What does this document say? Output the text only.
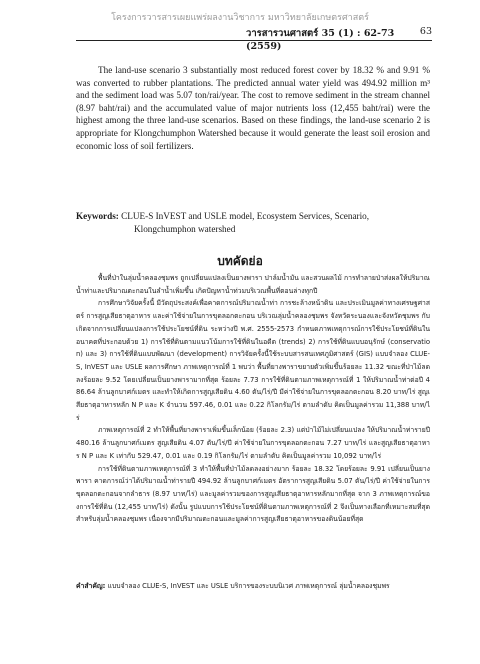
โครงการวารสารเผยแพร่ผลงานวิชาการ มหาวิทยาลัยเกษตรศาสตร์
วารสารวนศาสตร์ 35 (1) : 62-73 (2559)
63
The land-use scenario 3 substantially most reduced forest cover by 18.32 % and 9.91 % was converted to rubber plantations. The predicted annual water yield was 494.92 million m³ and the sediment load was 5.07 ton/rai/year. The cost to remove sediment in the stream channel (8.97 baht/rai) and the accumulated value of major nutrients loss (12,455 baht/rai) were the highest among the three land-use scenarios. Based on these findings, the land-use scenario 2 is appropriate for Klongchumphon Watershed because it would generate the least soil erosion and economic loss of soil fertilizers.
Keywords: CLUE-S InVEST and USLE model, Ecosystem Services, Scenario,
Klongchumphon watershed
บทคัดย่อ

พื้นที่ป่าในลุ่มน้ำคลองชุมพร ถูกเปลี่ยนแปลงเป็นยางพารา ปาล์มน้ำมัน และสวนผลไม้ การทำลายป่าส่งผลให้ปริมาณน้ำท่าและปริมาณตะกอนในลำน้ำเพิ่มขึ้น เกิดปัญหาน้ำท่วมบริเวณพื้นที่ตอนล่างทุกปี

การศึกษาวิจัยครั้งนี้ มีวัตถุประสงค์เพื่อคาดการณ์ปริมาณน้ำท่า การชะล้างหน้าดิน และประเมินมูลค่าทางเศรษฐศาสตร์ การสูญเสียธาตุอาหาร และค่าใช้จ่ายในการขุดลอกตะกอน บริเวณลุ่มน้ำคลองชุมพร จังหวัดระนองและจังหวัดชุมพร กับเกิดจากการเปลี่ยนแปลงการใช้ประโยชน์ที่ดิน ระหว่างปี พ.ศ. 2555-2573 กำหนดภาพเหตุการณ์การใช้ประโยชน์ที่ดินในอนาคตที่ประกอบด้วย 1) การใช้ที่ดินตามแนวโน้มการใช้ที่ดินในอดีต (trends) 2) การใช้ที่ดินแบบอนุรักษ์ (conservation) และ 3) การใช้ที่ดินแบบพัฒนา (development) การวิจัยครั้งนี้ใช้ระบบสารสนเทศภูมิศาสตร์ (GIS) แบบจำลอง CLUE-S, InVEST และ USLE ผลการศึกษา ภาพเหตุการณ์ที่ 1 พบว่า พื้นที่ยางพาราขยายตัวเพิ่มขึ้นร้อยละ 11.32 ขณะที่ป่าไม้ลดลงร้อยละ 9.52 โดยเปลี่ยนเป็นยางพารามากที่สุด ร้อยละ 7.73 การใช้ที่ดินตามภาพเหตุการณ์ที่ 1 ให้ปริมาณน้ำท่าต่อปี 486.64 ล้านลูกบาศก์เมตร และทำให้เกิดการสูญเสียดิน 4.60 ตัน/ไร่/ปี มีค่าใช้จ่ายในการขุดลอกตะกอน 8.20 บาท/ไร่ สูญเสียธาตุอาหารหลัก N P และ K จำนวน 597.46, 0.01 และ 0.22 กิโลกรัม/ไร่ ตามลำดับ คิดเป็นมูลค่ารวม 11,388 บาท/ไร่

ภาพเหตุการณ์ที่ 2 ทำให้พื้นที่ยางพาราเพิ่มขึ้นเล็กน้อย (ร้อยละ 2.3) แต่ป่าไม้ไม่เปลี่ยนแปลง ให้ปริมาณน้ำท่ารายปี 480.16 ล้านลูกบาศก์เมตร สูญเสียดิน 4.07 ตัน/ไร่/ปี ค่าใช้จ่ายในการขุดลอกตะกอน 7.27 บาท/ไร่ และสูญเสียธาตุอาหาร N P และ K เท่ากับ 529.47, 0.01 และ 0.19 กิโลกรัม/ไร่ ตามลำดับ คิดเป็นมูลค่ารวม 10,092 บาท/ไร่

การใช้ที่ดินตามภาพเหตุการณ์ที่ 3 ทำให้พื้นที่ป่าไม้ลดลงอย่างมาก ร้อยละ 18.32 โดยร้อยละ 9.91 เปลี่ยนเป็นยางพารา คาดการณ์ว่าได้ปริมาณน้ำท่ารายปี 494.92 ล้านลูกบาศก์เมตร อัตราการสูญเสียดิน 5.07 ตัน/ไร่/ปี ค่าใช้จ่ายในการขุดลอกตะกอนจากลำธาร (8.97 บาท/ไร่) และมูลค่ารวมของการสูญเสียธาตุอาหารหลักมากที่สุด จาก 3 ภาพเหตุการณ์ของการใช้ที่ดิน (12,455 บาท/ไร่) ดังนั้น รูปแบบการใช้ประโยชน์ที่ดินตามภาพเหตุการณ์ที่ 2 จึงเป็นทางเลือกที่เหมาะสมที่สุดสำหรับลุ่มน้ำคลองชุมพร เนื่องจากมีปริมาณตะกอนและมูลค่าการสูญเสียธาตุอาหารของดินน้อยที่สุด

คำสำคัญ: แบบจำลอง CLUE-S, InVEST และ USLE บริการของระบบนิเวศ ภาพเหตุการณ์ ลุ่มน้ำคลองชุมพร
